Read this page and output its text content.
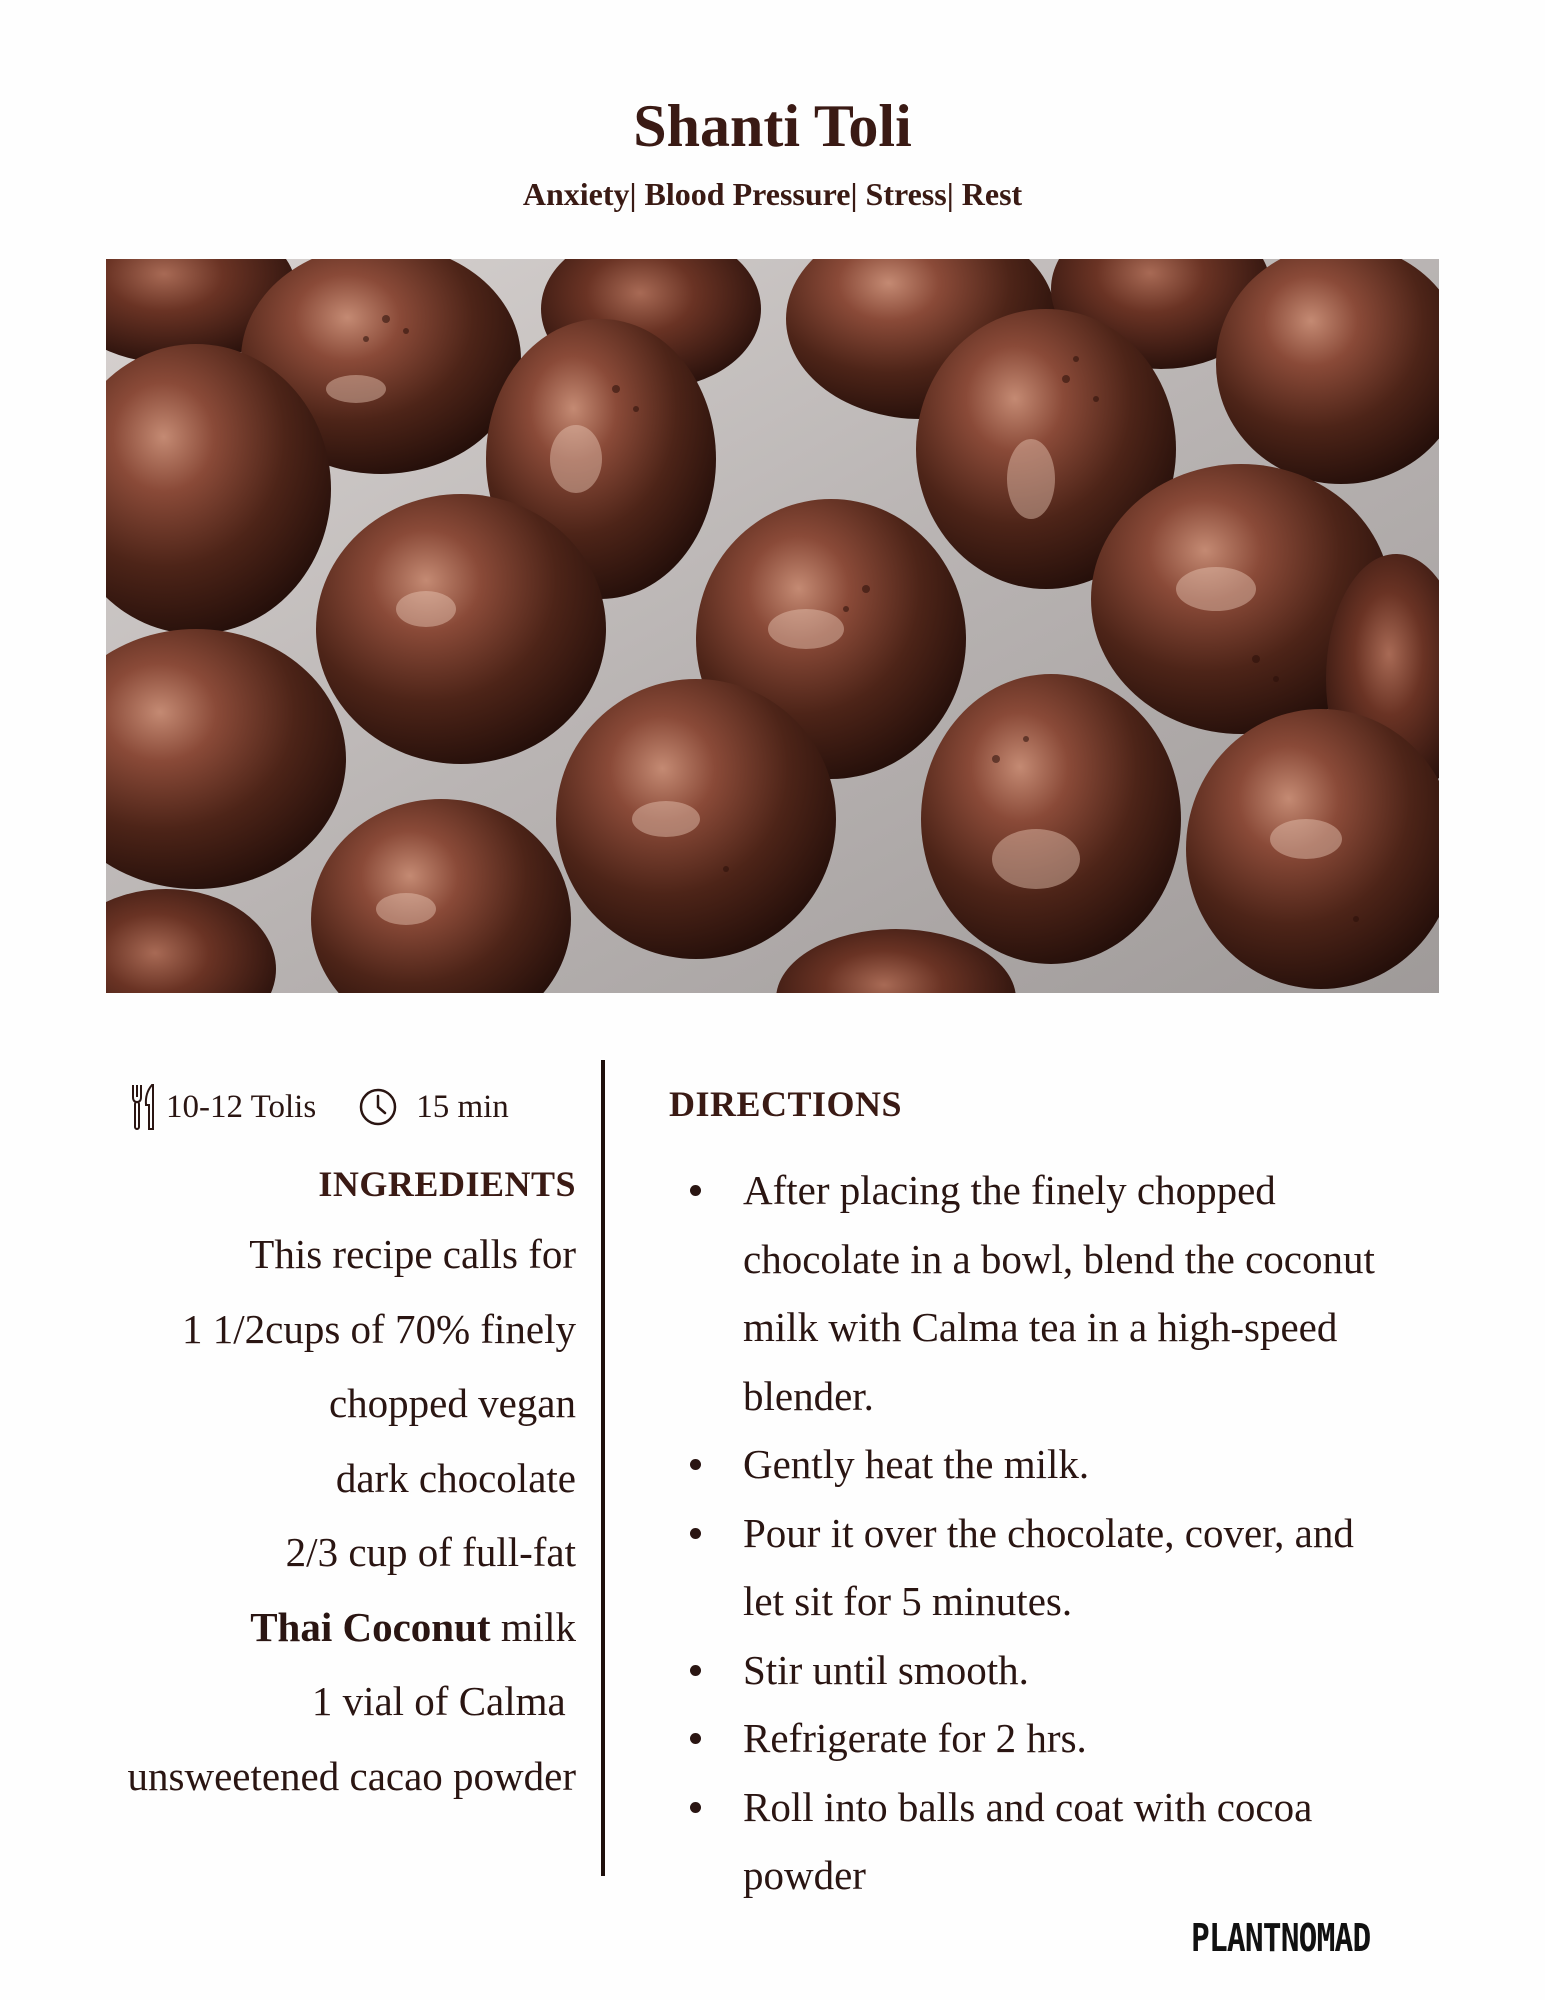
Shanti Toli
Anxiety| Blood Pressure| Stress| Rest
10-12 Tolis	15 min
INGREDIENTS
This recipe calls for
1 1/2cups of 70% finely
chopped vegan
dark chocolate
2/3 cup of full-fat
Thai Coconut milk
1 vial of Calma
unsweetened cacao powder
DIRECTIONS
After placing the finely chopped chocolate in a bowl, blend the coconut milk with Calma tea in a high-speed blender.
Gently heat the milk.
Pour it over the chocolate, cover, and let sit for 5 minutes.
Stir until smooth.
Refrigerate for 2 hrs.
Roll into balls and coat with cocoa powder
PLANTNOMAD
